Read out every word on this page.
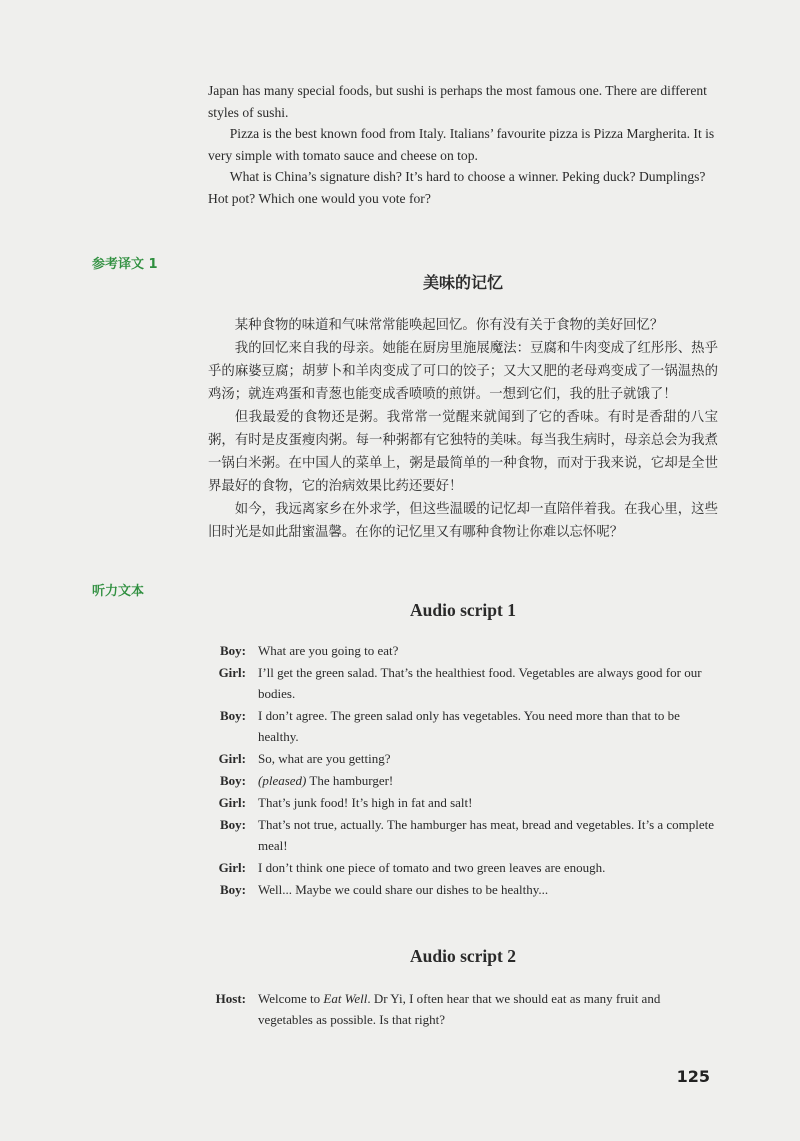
Japan has many special foods, but sushi is perhaps the most famous one. There are different styles of sushi.

Pizza is the best known food from Italy. Italians’ favourite pizza is Pizza Margherita. It is very simple with tomato sauce and cheese on top.

What is China’s signature dish? It’s hard to choose a winner. Peking duck? Dumplings? Hot pot? Which one would you vote for?

参考译文 1
美味的记忆

某种食物的味道和气味常常能唤起回忆。你有没有关于食物的美好回忆？

我的回忆来自我的母亲。她能在厨房里施展魔法：豆腐和牛肉变成了红彤彤、热乎乎的麻婆豆腐；胡萝卜和羊肉变成了可口的饺子；又大又肥的老母鸡变成了一锅温热的鸡汤；就连鸡蛋和青葱也能变成香喷喷的煎饼。一想到它们，我的肚子就饿了！

但我最爱的食物还是粥。我常常一觉醒来就闻到了它的香味。有时是香甜的八宝粥，有时是皮蛋瘦肉粥。每一种粥都有它独特的美味。每当我生病时，母亲总会为我煮一锅白米粥。在中国人的菜单上，粥是最简单的一种食物，而对于我来说，它却是全世界最好的食物，它的治病效果比药还要好！

如今，我远离家乡在外求学，但这些温暖的记忆却一直陪伴着我。在我心里，这些旧时光是如此甜蜜温馨。在你的记忆里又有哪种食物让你难以忘怀呢？

听力文本
Audio script 1
Boy: What are you going to eat?
Girl: I’ll get the green salad. That’s the healthiest food. Vegetables are always good for our bodies.
Boy: I don’t agree. The green salad only has vegetables. You need more than that to be healthy.
Girl: So, what are you getting?
Boy: (pleased) The hamburger!
Girl: That’s junk food! It’s high in fat and salt!
Boy: That’s not true, actually. The hamburger has meat, bread and vegetables. It’s a complete meal!
Girl: I don’t think one piece of tomato and two green leaves are enough.
Boy: Well... Maybe we could share our dishes to be healthy...
Audio script 2
Host: Welcome to Eat Well. Dr Yi, I often hear that we should eat as many fruit and vegetables as possible. Is that right?
125
